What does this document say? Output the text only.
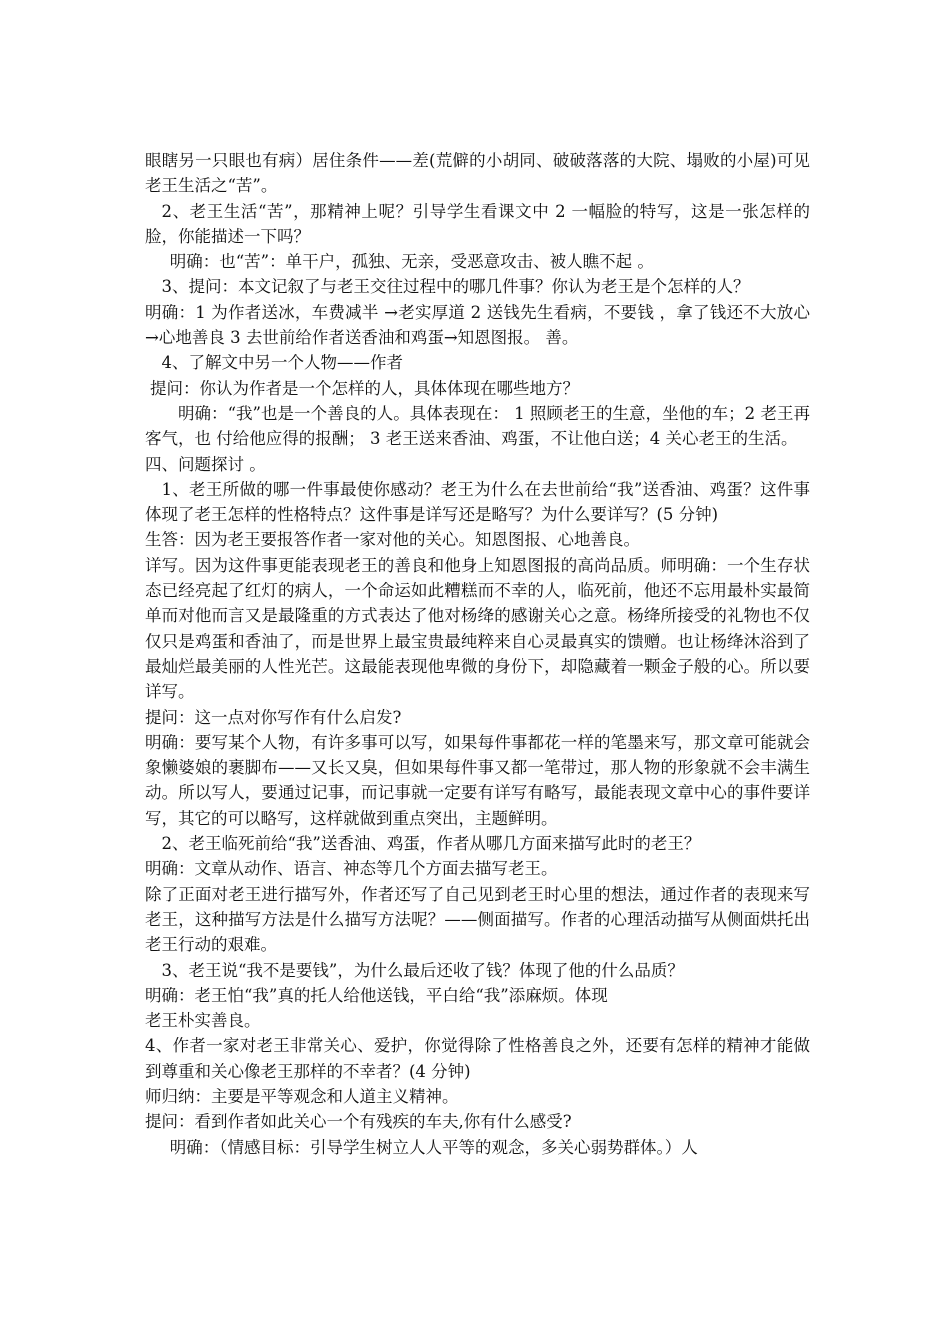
眼瞎另一只眼也有病）居住条件——差(荒僻的小胡同、破破落落的大院、塌败的小屋)可见老王生活之“苦”。

2、老王生活“苦”，那精神上呢？引导学生看课文中 2 一幅脸的特写，这是一张怎样的脸，你能描述一下吗？

明确：也“苦”：单干户，孤独、无亲，受恶意攻击、被人瞧不起 。

3、提问：本文记叙了与老王交往过程中的哪几件事？你认为老王是个怎样的人？

明确：1 为作者送冰，车费减半 →老实厚道 2 送钱先生看病，不要钱 ，拿了钱还不大放心 →心地善良 3 去世前给作者送香油和鸡蛋→知恩图报。 善。

4、了解文中另一个人物——作者

提问：你认为作者是一个怎样的人，具体体现在哪些地方？

明确：“我”也是一个善良的人。具体表现在： 1 照顾老王的生意，坐他的车；2 老王再客气，也 付给他应得的报酬； 3 老王送来香油、鸡蛋，不让他白送；4 关心老王的生活。

四、问题探讨 。

1、老王所做的哪一件事最使你感动？老王为什么在去世前给“我”送香油、鸡蛋？这件事体现了老王怎样的性格特点？这件事是详写还是略写？为什么要详写？(5 分钟)

生答：因为老王要报答作者一家对他的关心。知恩图报、心地善良。

详写。因为这件事更能表现老王的善良和他身上知恩图报的高尚品质。师明确：一个生存状态已经亮起了红灯的病人，一个命运如此糟糕而不幸的人，临死前，他还不忘用最朴实最简单而对他而言又是最隆重的方式表达了他对杨绛的感谢关心之意。杨绛所接受的礼物也不仅仅只是鸡蛋和香油了，而是世界上最宝贵最纯粹来自心灵最真实的馈赠。也让杨绛沐浴到了最灿烂最美丽的人性光芒。这最能表现他卑微的身份下，却隐藏着一颗金子般的心。所以要详写。

提问：这一点对你写作有什么启发?

明确：要写某个人物，有许多事可以写，如果每件事都花一样的笔墨来写，那文章可能就会象懒婆娘的裹脚布——又长又臭，但如果每件事又都一笔带过，那人物的形象就不会丰满生动。所以写人，要通过记事，而记事就一定要有详写有略写，最能表现文章中心的事件要详写，其它的可以略写，这样就做到重点突出，主题鲜明。

2、老王临死前给“我”送香油、鸡蛋，作者从哪几方面来描写此时的老王？

明确：文章从动作、语言、神态等几个方面去描写老王。

除了正面对老王进行描写外，作者还写了自己见到老王时心里的想法，通过作者的表现来写老王，这种描写方法是什么描写方法呢？——侧面描写。作者的心理活动描写从侧面烘托出老王行动的艰难。

3、老王说“我不是要钱”，为什么最后还收了钱？体现了他的什么品质？

明确：老王怕“我”真的托人给他送钱，平白给“我”添麻烦。体现

老王朴实善良。

4、作者一家对老王非常关心、爱护，你觉得除了性格善良之外，还要有怎样的精神才能做到尊重和关心像老王那样的不幸者？(4 分钟)

师归纳：主要是平等观念和人道主义精神。

提问：看到作者如此关心一个有残疾的车夫,你有什么感受?

明确：（情感目标：引导学生树立人人平等的观念，多关心弱势群体。）人
